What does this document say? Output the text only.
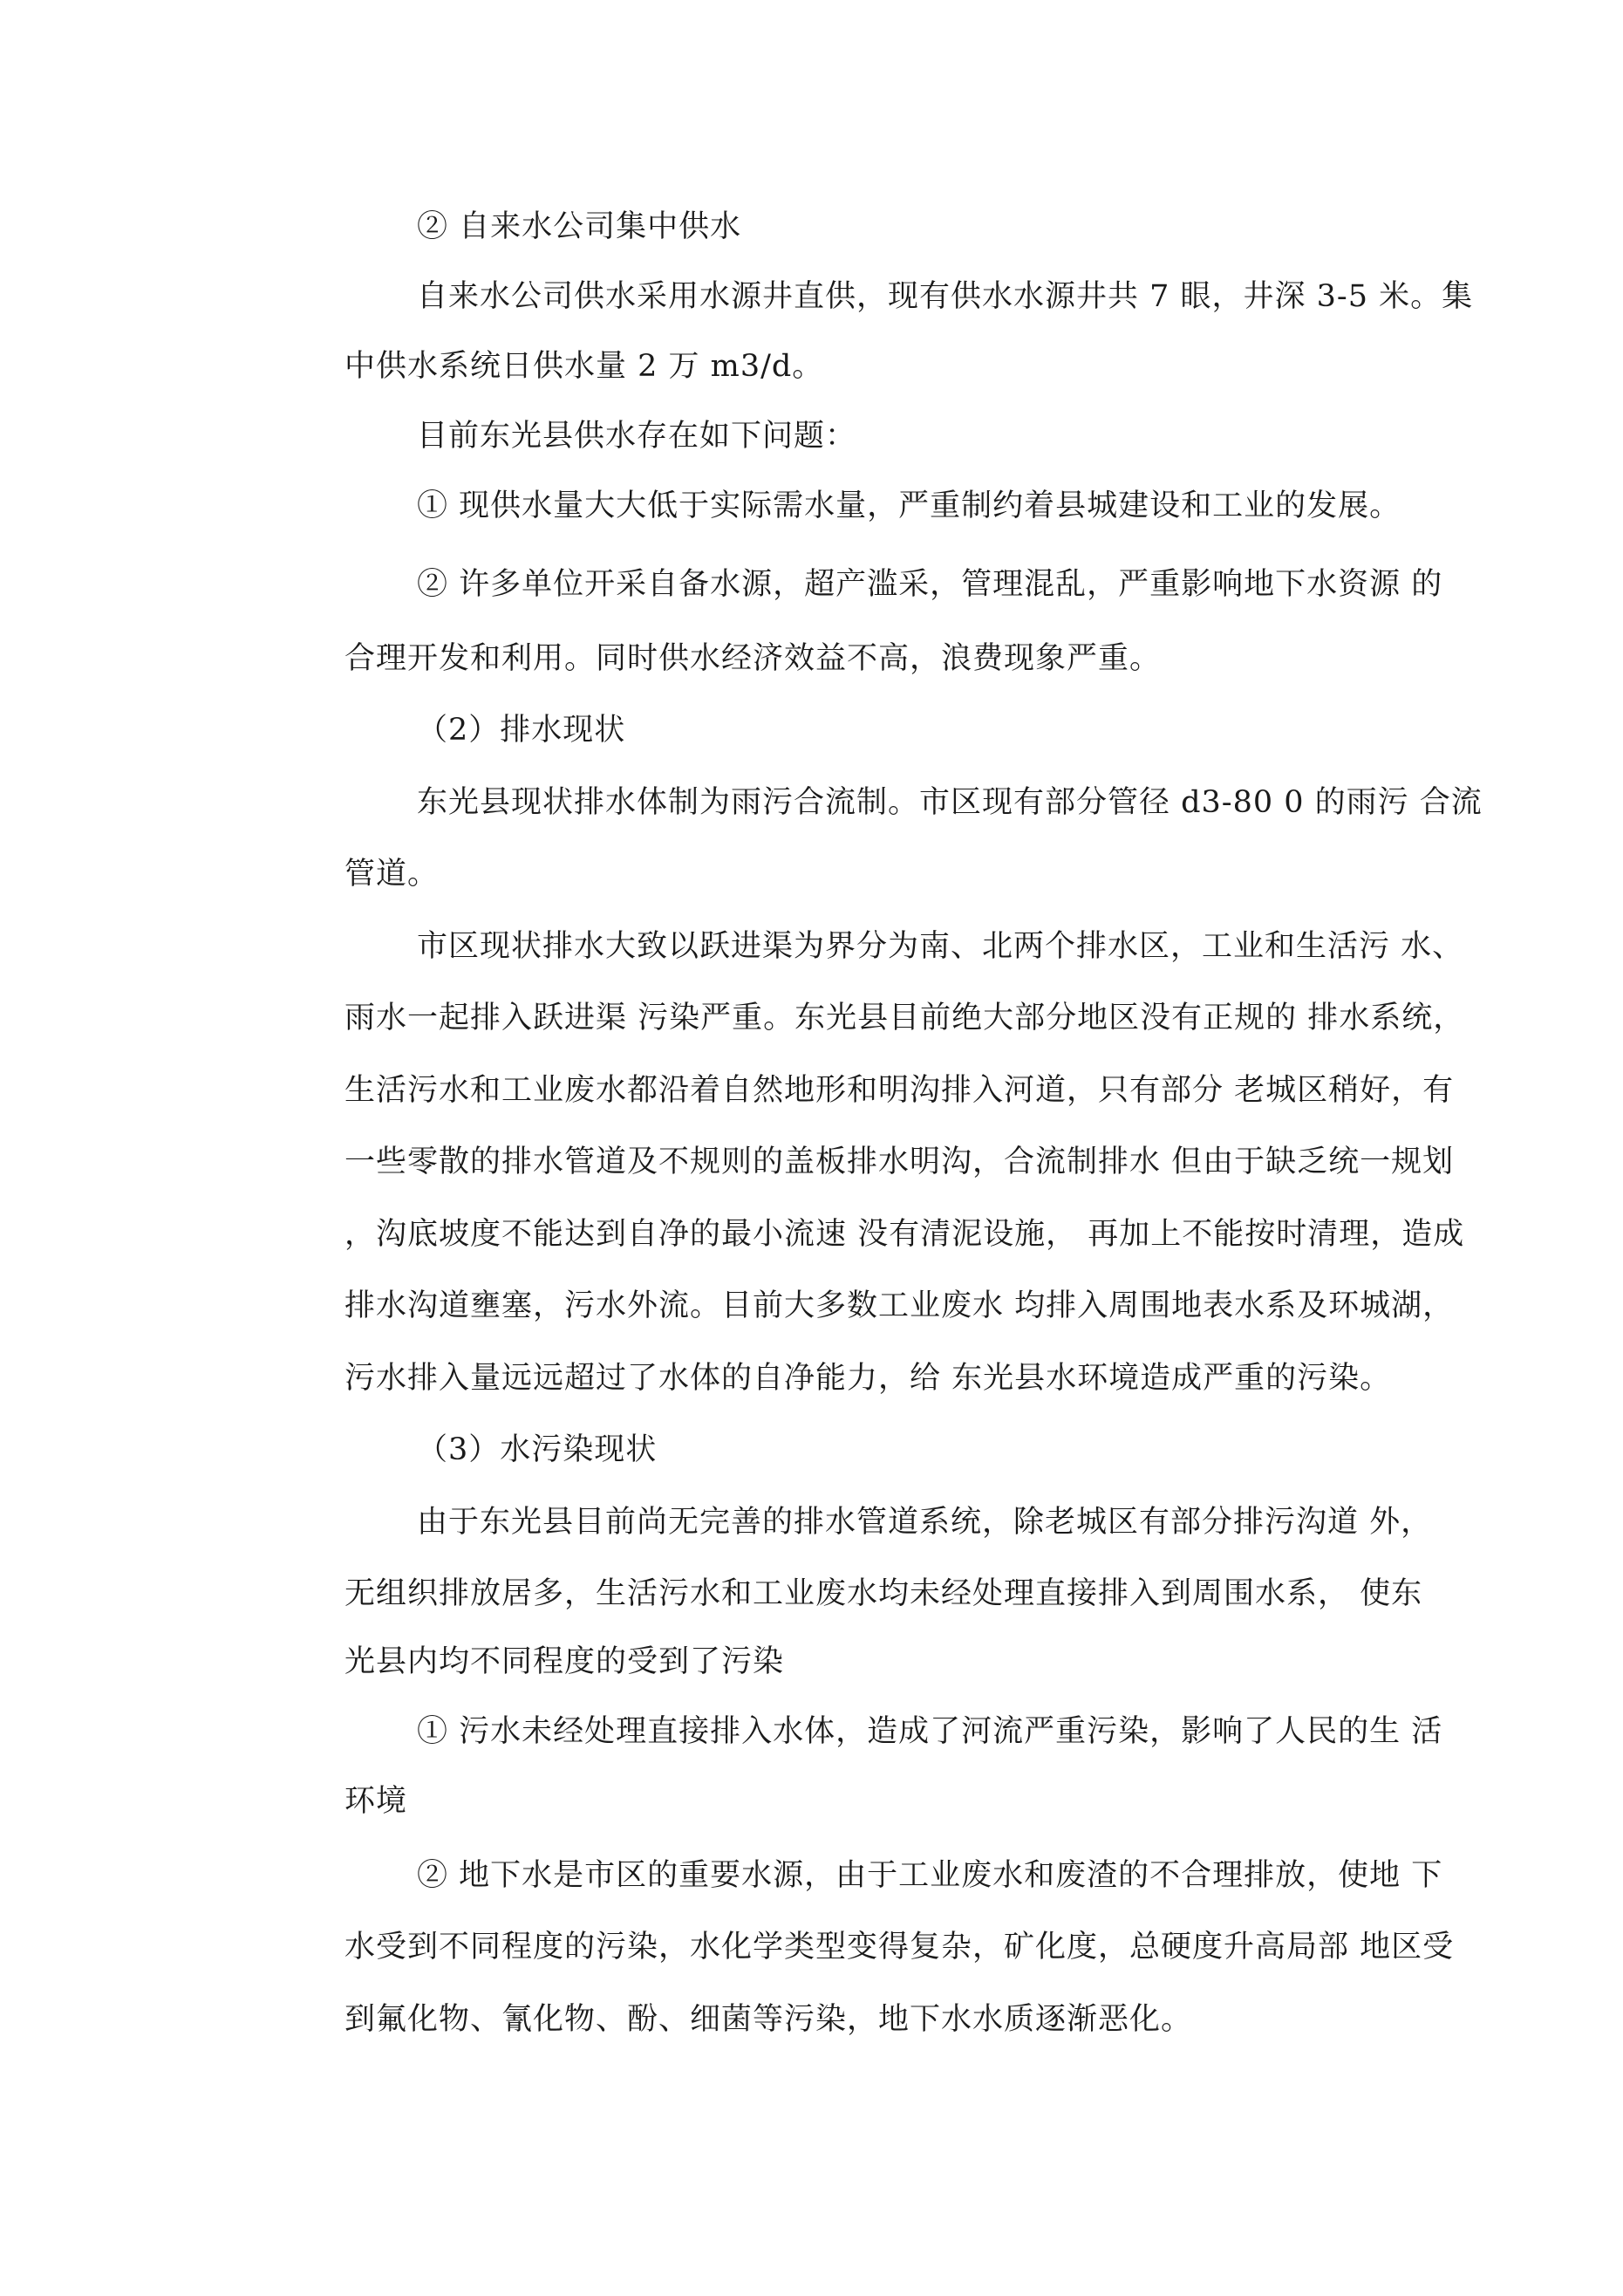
② 自来水公司集中供水
自来水公司供水采用水源井直供，现有供水水源井共 7 眼，井深 3-5 米。集
中供水系统日供水量 2 万 m3/d。
目前东光县供水存在如下问题：
① 现供水量大大低于实际需水量，严重制约着县城建设和工业的发展。
② 许多单位开采自备水源，超产滥采，管理混乱，严重影响地下水资源 的
合理开发和利用。同时供水经济效益不高，浪费现象严重。
（2）排水现状
东光县现状排水体制为雨污合流制。市区现有部分管径 d3-80 0 的雨污 合流
管道。
市区现状排水大致以跃进渠为界分为南、北两个排水区，工业和生活污 水、
雨水一起排入跃进渠 污染严重。东光县目前绝大部分地区没有正规的 排水系统，
生活污水和工业废水都沿着自然地形和明沟排入河道，只有部分 老城区稍好，有
一些零散的排水管道及不规则的盖板排水明沟，合流制排水 但由于缺乏统一规划
，沟底坡度不能达到自净的最小流速 没有清泥设施， 再加上不能按时清理，造成
排水沟道壅塞，污水外流。目前大多数工业废水 均排入周围地表水系及环城湖，
污水排入量远远超过了水体的自净能力，给 东光县水环境造成严重的污染。
（3）水污染现状
由于东光县目前尚无完善的排水管道系统，除老城区有部分排污沟道 外，
无组织排放居多，生活污水和工业废水均未经处理直接排入到周围水系， 使东
光县内均不同程度的受到了污染
① 污水未经处理直接排入水体，造成了河流严重污染，影响了人民的生 活
环境
② 地下水是市区的重要水源，由于工业废水和废渣的不合理排放，使地 下
水受到不同程度的污染，水化学类型变得复杂，矿化度，总硬度升高局部 地区受
到氟化物、氰化物、酚、细菌等污染，地下水水质逐渐恶化。
